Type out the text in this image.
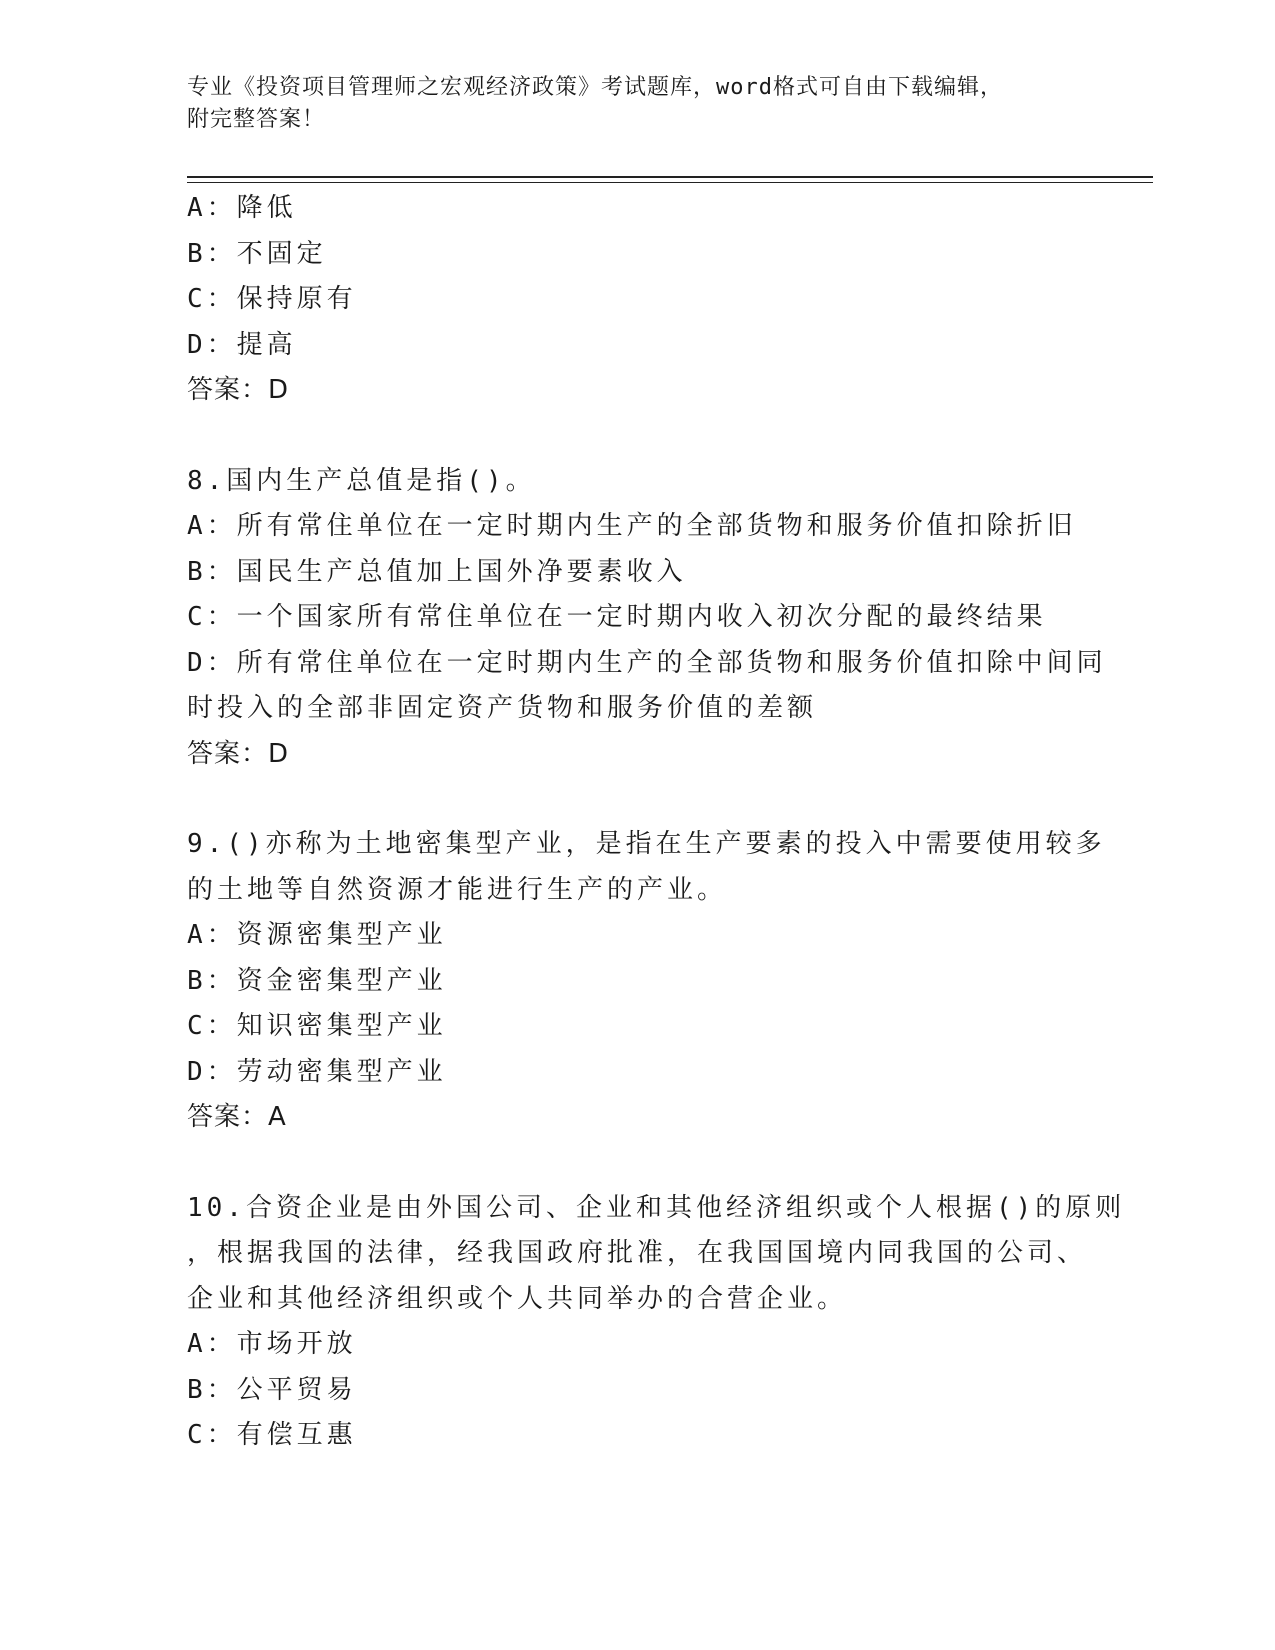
专业《投资项目管理师之宏观经济政策》考试题库，word格式可自由下载编辑，
附完整答案！
A：降低
B：不固定
C：保持原有
D：提高
答案：D
8.国内生产总值是指()。
A：所有常住单位在一定时期内生产的全部货物和服务价值扣除折旧
B：国民生产总值加上国外净要素收入
C：一个国家所有常住单位在一定时期内收入初次分配的最终结果
D：所有常住单位在一定时期内生产的全部货物和服务价值扣除中间同
时投入的全部非固定资产货物和服务价值的差额
答案：D
9.()亦称为土地密集型产业，是指在生产要素的投入中需要使用较多
的土地等自然资源才能进行生产的产业。
A：资源密集型产业
B：资金密集型产业
C：知识密集型产业
D：劳动密集型产业
答案：A
10.合资企业是由外国公司、企业和其他经济组织或个人根据()的原则
，根据我国的法律，经我国政府批准，在我国国境内同我国的公司、
企业和其他经济组织或个人共同举办的合营企业。
A：市场开放
B：公平贸易
C：有偿互惠
